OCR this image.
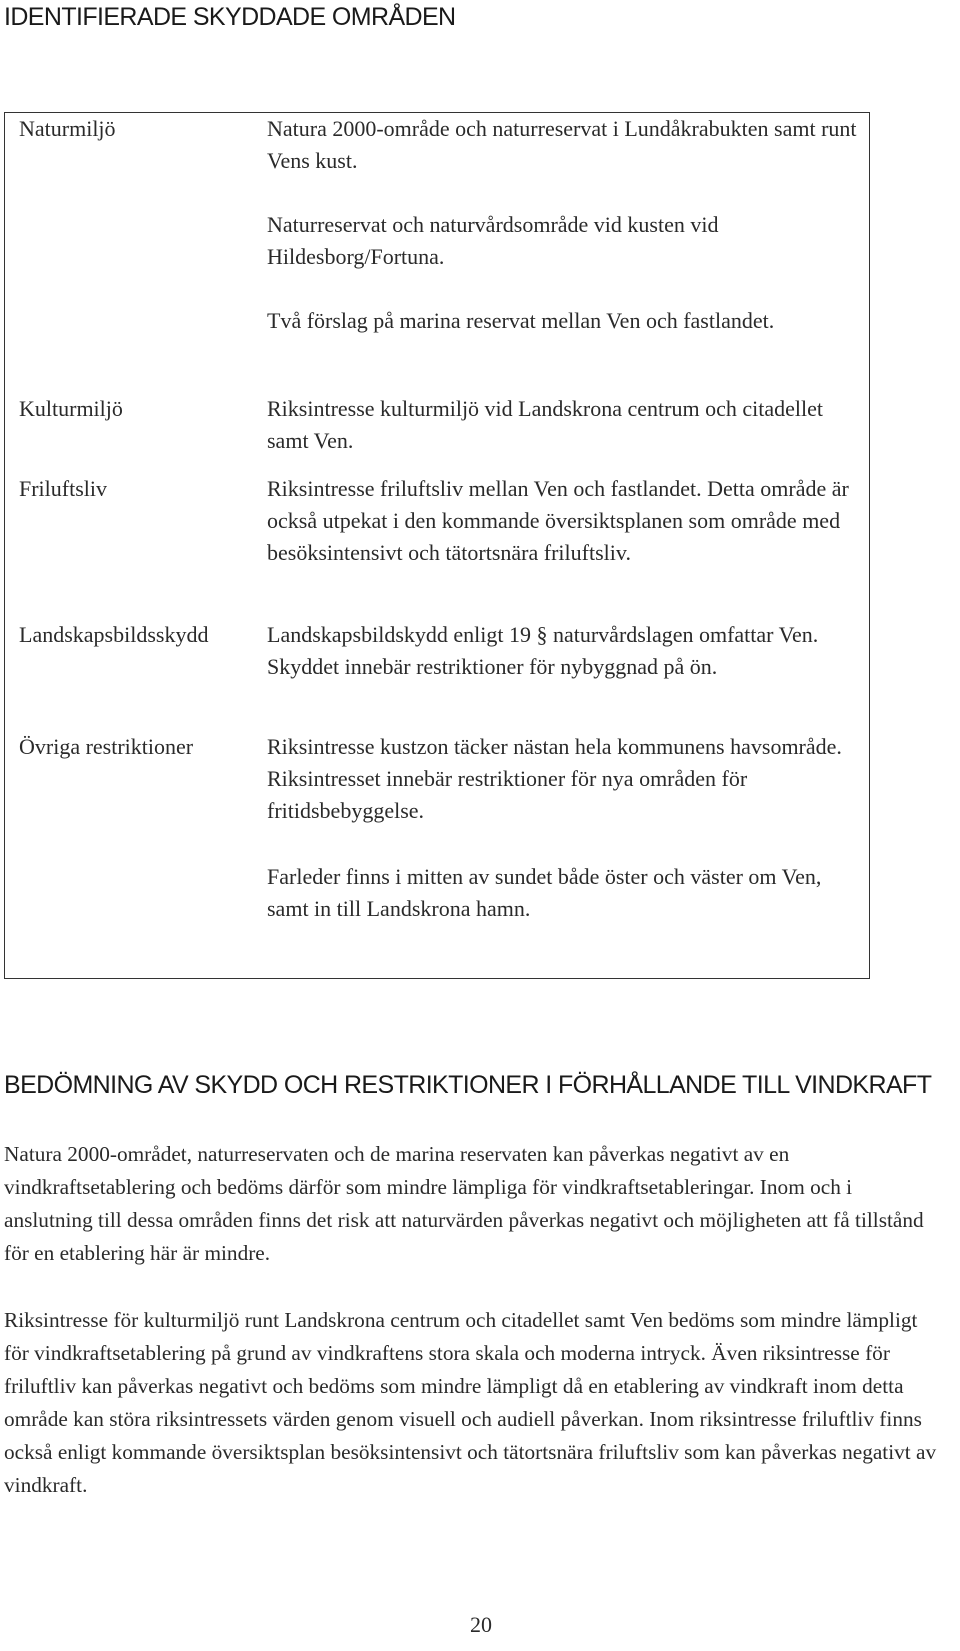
IDENTIFIERADE SKYDDADE OMRÅDEN
Naturmiljö	Natura 2000-område och naturreservat i Lundåkrabukten samt runt Vens kust.
Naturreservat och naturvårdsområde vid kusten vid Hildesborg/Fortuna.
Två förslag på marina reservat mellan Ven och fastlandet.
Kulturmiljö	Riksintresse kulturmiljö vid Landskrona centrum och citadellet samt Ven.
Friluftsliv	Riksintresse friluftsliv mellan Ven och fastlandet. Detta område är också utpekat i den kommande översiktsplanen som område med besöksintensivt och tätortsnära friluftsliv.
Landskapsbildsskydd	Landskapsbildskydd enligt 19 § naturvårdslagen omfattar Ven. Skyddet innebär restriktioner för nybyggnad på ön.
Övriga restriktioner	Riksintresse kustzon täcker nästan hela kommunens havsområde. Riksintresset innebär restriktioner för nya områden för fritidsbebyggelse.
Farleder finns i mitten av sundet både öster och väster om Ven, samt in till Landskrona hamn.
BEDÖMNING AV SKYDD OCH RESTRIKTIONER I FÖRHÅLLANDE TILL VINDKRAFT

Natura 2000-området, naturreservaten och de marina reservaten kan påverkas negativt av en vindkraftsetablering och bedöms därför som mindre lämpliga för vindkraftsetableringar. Inom och i anslutning till dessa områden finns det risk att naturvärden påverkas negativt och möjligheten att få tillstånd för en etablering här är mindre.

Riksintresse för kulturmiljö runt Landskrona centrum och citadellet samt Ven bedöms som mindre lämpligt för vindkraftsetablering på grund av vindkraftens stora skala och moderna intryck. Även riksintresse för friluftliv kan påverkas negativt och bedöms som mindre lämpligt då en etablering av vindkraft inom detta område kan störa riksintressets värden genom visuell och audiell påverkan. Inom riksintresse friluftliv finns också enligt kommande översiktsplan besöksintensivt och tätortsnära friluftsliv som kan påverkas negativt av vindkraft.

20
